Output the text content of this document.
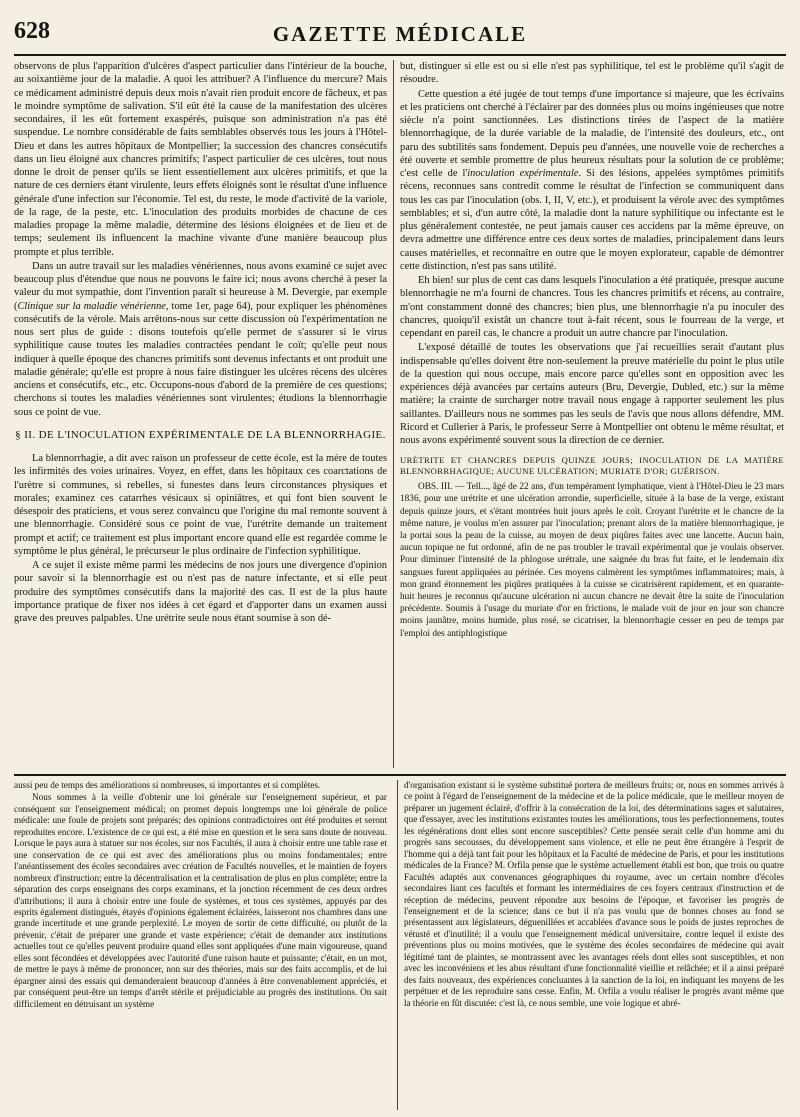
628	GAZETTE MÉDICALE

observons de plus l'apparition d'ulcères d'aspect particulier dans l'intérieur de la bouche, au soixantième jour de la maladie. A quoi les attribuer? A l'influence du mercure? Mais ce médicament administré depuis deux mois n'avait rien produit encore de fâcheux, et pas le moindre symptôme de salivation. S'il eût été la cause de la manifestation des ulcères secondaires, il les eût fortement exaspérés, puisque son administration n'a pas été suspendue. Le nombre considérable de faits semblables observés tous les jours à l'Hôtel-Dieu et dans les autres hôpitaux de Montpellier; la succession des chancres consécutifs dans un lieu éloigné aux chancres primitifs; l'aspect particulier de ces ulcères, tout nous donne le droit de penser qu'ils se lient essentiellement aux ulcères primitifs, et que la nature de ces derniers étant virulente, leurs effets éloignés sont le résultat d'une influence générale d'une infection sur l'économie. Tel est, du reste, le mode d'activité de la variole, de la rage, de la peste, etc. L'inoculation des produits morbides de chacune de ces maladies propage la même maladie, détermine des lésions éloignées et de lieu et de temps; seulement ils influencent la machine vivante d'une manière beaucoup plus prompte et plus terrible.

Dans un autre travail sur les maladies vénériennes, nous avons examiné ce sujet avec beaucoup plus d'étendue que nous ne pouvons le faire ici; nous avons cherché à peser la valeur du mot sympathie, dont l'invention paraît si heureuse à M. Devergie, par exemple (Clinique sur la maladie vénérienne, tome 1er, page 64), pour expliquer les phénomènes consécutifs de la vérole. Mais arrêtons-nous sur cette discussion où l'expérimentation ne nous sert plus de guide : disons toutefois qu'elle permet de s'assurer si le virus syphilitique cause toutes les maladies contractées pendant le coït; qu'elle peut nous indiquer à quelle époque des chancres primitifs sont devenus infectants et ont produit une maladie générale; qu'elle est propre à nous faire distinguer les ulcères récens des ulcères anciens et consécutifs, etc., etc. Occupons-nous d'abord de la première de ces questions; cherchons si toutes les maladies vénériennes sont virulentes; étudions la blennorrhagie sous ce point de vue.

§ II. DE L'INOCULATION EXPÉRIMENTALE DE LA BLENNORRHAGIE.

La blennorrhagie, a dit avec raison un professeur de cette école, est la mère de toutes les infirmités des voies urinaires. Voyez, en effet, dans les hôpitaux ces coarctations de l'urètre si communes, si rebelles, si funestes dans leurs circonstances physiques et morales; examinez ces catarrhes vésicaux si opiniâtres, et qui font bien souvent le désespoir des praticiens, et vous serez convaincu que l'origine du mal remonte souvent à une blennorrhagie. Considéré sous ce point de vue, l'urétrite demande un traitement prompt et actif; ce traitement est plus important encore quand elle est regardée comme le symptôme le plus général, le précurseur le plus ordinaire de l'infection syphilitique.

A ce sujet il existe même parmi les médecins de nos jours une divergence d'opinion pour savoir si la blennorrhagie est ou n'est pas de nature infectante, et si elle peut produire des symptômes consécutifs dans la majorité des cas. Il est de la plus haute importance pratique de fixer nos idées à cet égard et d'apporter dans un examen aussi grave des preuves palpables. Une urétrite seule nous étant soumise à son dé-

but, distinguer si elle est ou si elle n'est pas syphilitique, tel est le problème qu'il s'agit de résoudre.

Cette question a été jugée de tout temps d'une importance si majeure, que les écrivains et les praticiens ont cherché à l'éclairer par des données plus ou moins ingénieuses que notre siècle n'a point sanctionnées. Les distinctions tirées de l'aspect de la matière blennorrhagique, de la durée variable de la maladie, de l'intensité des douleurs, etc., ont paru des subtilités sans fondement. Depuis peu d'années, une nouvelle voie de recherches a été ouverte et semble promettre de plus heureux résultats pour la solution de ce problème; c'est celle de l'inoculation expérimentale. Si des lésions, appelées symptômes primitifs récens, reconnues sans contredit comme le résultat de l'infection se communiquent dans tous les cas par l'inoculation (obs. I, II, V, etc.), et produisent la vérole avec des symptômes semblables; et si, d'un autre côté, la maladie dont la nature syphilitique ou infectante est le plus généralement contestée, ne peut jamais causer ces accidens par la même épreuve, on devra admettre une différence entre ces deux sortes de maladies, principalement dans leurs causes matérielles, et reconnaître en outre que le moyen explorateur, capable de démontrer cette distinction, n'est pas sans utilité.

Eh bien! sur plus de cent cas dans lesquels l'inoculation a été pratiquée, presque aucune blennorrhagie ne m'a fourni de chancres. Tous les chancres primitifs et récens, au contraire, m'ont constamment donné des chancres; bien plus, une blennorrhagie n'a pu inoculer des chancres, quoiqu'il existât un chancre tout à-fait récent, sous le fourreau de la verge, et cependant en pareil cas, le chancre a produit un autre chancre par l'inoculation.

L'exposé détaillé de toutes les observations que j'ai recueillies serait d'autant plus indispensable qu'elles doivent être non-seulement la preuve matérielle du point le plus utile de la question qui nous occupe, mais encore parce qu'elles sont en opposition avec les expériences déjà avancées par certains auteurs (Bru, Devergie, Dubled, etc.) sur la même matière; la crainte de surcharger notre travail nous engage à rapporter seulement les plus saillantes. D'ailleurs nous ne sommes pas les seuls de l'avis que nous allons défendre, MM. Ricord et Cullerier à Paris, le professeur Serre à Montpellier ont obtenu le même résultat, et nous avons expérimenté souvent sous la direction de ce dernier.

URÉTRITE ET CHANCRES DEPUIS QUINZE JOURS; INOCULATION DE LA MATIÈRE BLENNORRHAGIQUE; AUCUNE ULCÉRATION; MURIATE D'OR; GUÉRISON.

OBS. III. — Tell..., âgé de 22 ans, d'un tempérament lymphatique, vient à l'Hôtel-Dieu le 23 mars 1836, pour une urétrite et une ulcération arrondie, superficielle, située à la base de la verge, existant depuis quinze jours, et s'étant montrées huit jours après le coït. Croyant l'urétrite et le chancre de la même nature, je voulus m'en assurer par l'inoculation; prenant alors de la matière blennorrhagique, je la portai sous la peau de la cuisse, au moyen de deux piqûres faites avec une lancette. Aucun bain, aucun topique ne fut ordonné, afin de ne pas troubler le travail expérimental que je voulais observer. Pour diminuer l'intensité de la phlogose urétrale, une saignée du bras fut faite, et le lendemain dix sangsues furent appliquées au périnée. Ces moyens calmèrent les symptômes inflammatoires; mais, à mon grand étonnement les piqûres pratiquées à la cuisse se cicatrisèrent rapidement, et en quarante-huit heures je reconnus qu'aucune ulcération ni aucun chancre ne devait être la suite de l'inoculation précédente. Soumis à l'usage du muriate d'or en frictions, le malade voit de jour en jour son chancre moins jaunâtre, moins humide, plus rosé, se cicatriser, la blennorrhagie cesser en peu de temps par l'emploi des antiphlogistique

aussi peu de temps des améliorations si nombreuses, si importantes et si complètes.

Nous sommes à la veille d'obtenir une loi générale sur l'enseignement supérieur, et par conséquent sur l'enseignement médical; on promet depuis longtemps une loi générale de police médicale: une foule de projets sont préparés; des opinions contradictoires ont été produites et seront reproduites encore. L'existence de ce qui est, a été mise en question et le sera sans doute de nouveau. Lorsque le pays aura à statuer sur nos écoles, sur nos Facultés, il aura à choisir entre une table rase et une conservation de ce qui est avec des améliorations plus ou moins fondamentales; entre l'anéantissement des écoles secondaires avec création de Facultés nouvelles, et le maintien de foyers nombreux d'instruction; entre la décentralisation et la centralisation de plus en plus complète; entre la séparation des corps enseignans des corps examinans, et la jonction récemment de ces deux ordres d'attributions; il aura à choisir entre une foule de systèmes, et tous ces systèmes, appuyés par des esprits également distingués, étayés d'opinions également éclairées, laisseront nos chambres dans une grande incertitude et une grande perplexité. Le moyen de sortir de cette difficulté, ou plutôt de la prévenir, c'était de préparer une grande et vaste expérience; c'était de demander aux institutions actuelles tout ce qu'elles peuvent produire quand elles sont appliquées d'une main vigoureuse, quand elles sont fécondées et développées avec l'autorité d'une raison haute et puissante; c'était, en un mot, de mettre le pays à même de prononcer, non sur des théories, mais sur des faits accomplis, et de lui épargner ainsi des essais qui demanderaient beaucoup d'années à être convenablement appréciés, et par conséquent peut-être un temps d'arrêt stérile et préjudiciable au progrès des institutions. On sait difficilement en détruisant un système

d'organisation existant si le système substitué portera de meilleurs fruits; or, nous en sommes arrivés à ce point à l'égard de l'enseignement de la médecine et de la police médicale, que le meilleur moyen de préparer un jugement éclairé, d'offrir à la consécration de la loi, des déterminations sages et salutaires, que d'essayer, avec les institutions existantes toutes les améliorations, tous les perfectionnemens, toutes les régénérations dont elles sont encore susceptibles? Cette pensée serait celle d'un homme ami du progrès sans secousses, du développement sans violence, et elle ne peut être étrangère à l'esprit de l'homme qui a déjà tant fait pour les hôpitaux et la Faculté de médecine de Paris, et pour les institutions médicales de la France? M. Orfila pense que le système actuellement établi est bon, que trois ou quatre Facultés adaptés aux convenances géographiques du royaume, avec un certain nombre d'écoles secondaires liant ces facultés et formant les intermédiaires de ces foyers centraux d'instruction et de réception de médecins, peuvent répondre aux besoins de l'époque, et favoriser les progrès de l'enseignement et de la science; dans ce but il n'a pas voulu que de bonnes choses au fond se présentassent aux législateurs, déguenillées et accablées d'avance sous le poids de justes reproches de vétusté et d'inutilité; il a voulu que l'enseignement médical universitaire, contre lequel il existe des préventions plus ou moins motivées, que le système des écoles secondaires de médecine qui avait légitimé tant de plaintes, se montrassent avec les avantages réels dont elles sont susceptibles, et non avec les inconvéniens et les abus résultant d'une fonctionnalité vieillie et relâchée; et il a ainsi préparé des faits nouveaux, des expériences concluantes à la sanction de la loi, en indiquant les moyens de les perpétuer et de les reproduire sans cesse. Enfin, M. Orfila a voulu réaliser le progrès avant même que la théorie en fût discutée: c'est là, ce nous semble, une voie logique et abré-
